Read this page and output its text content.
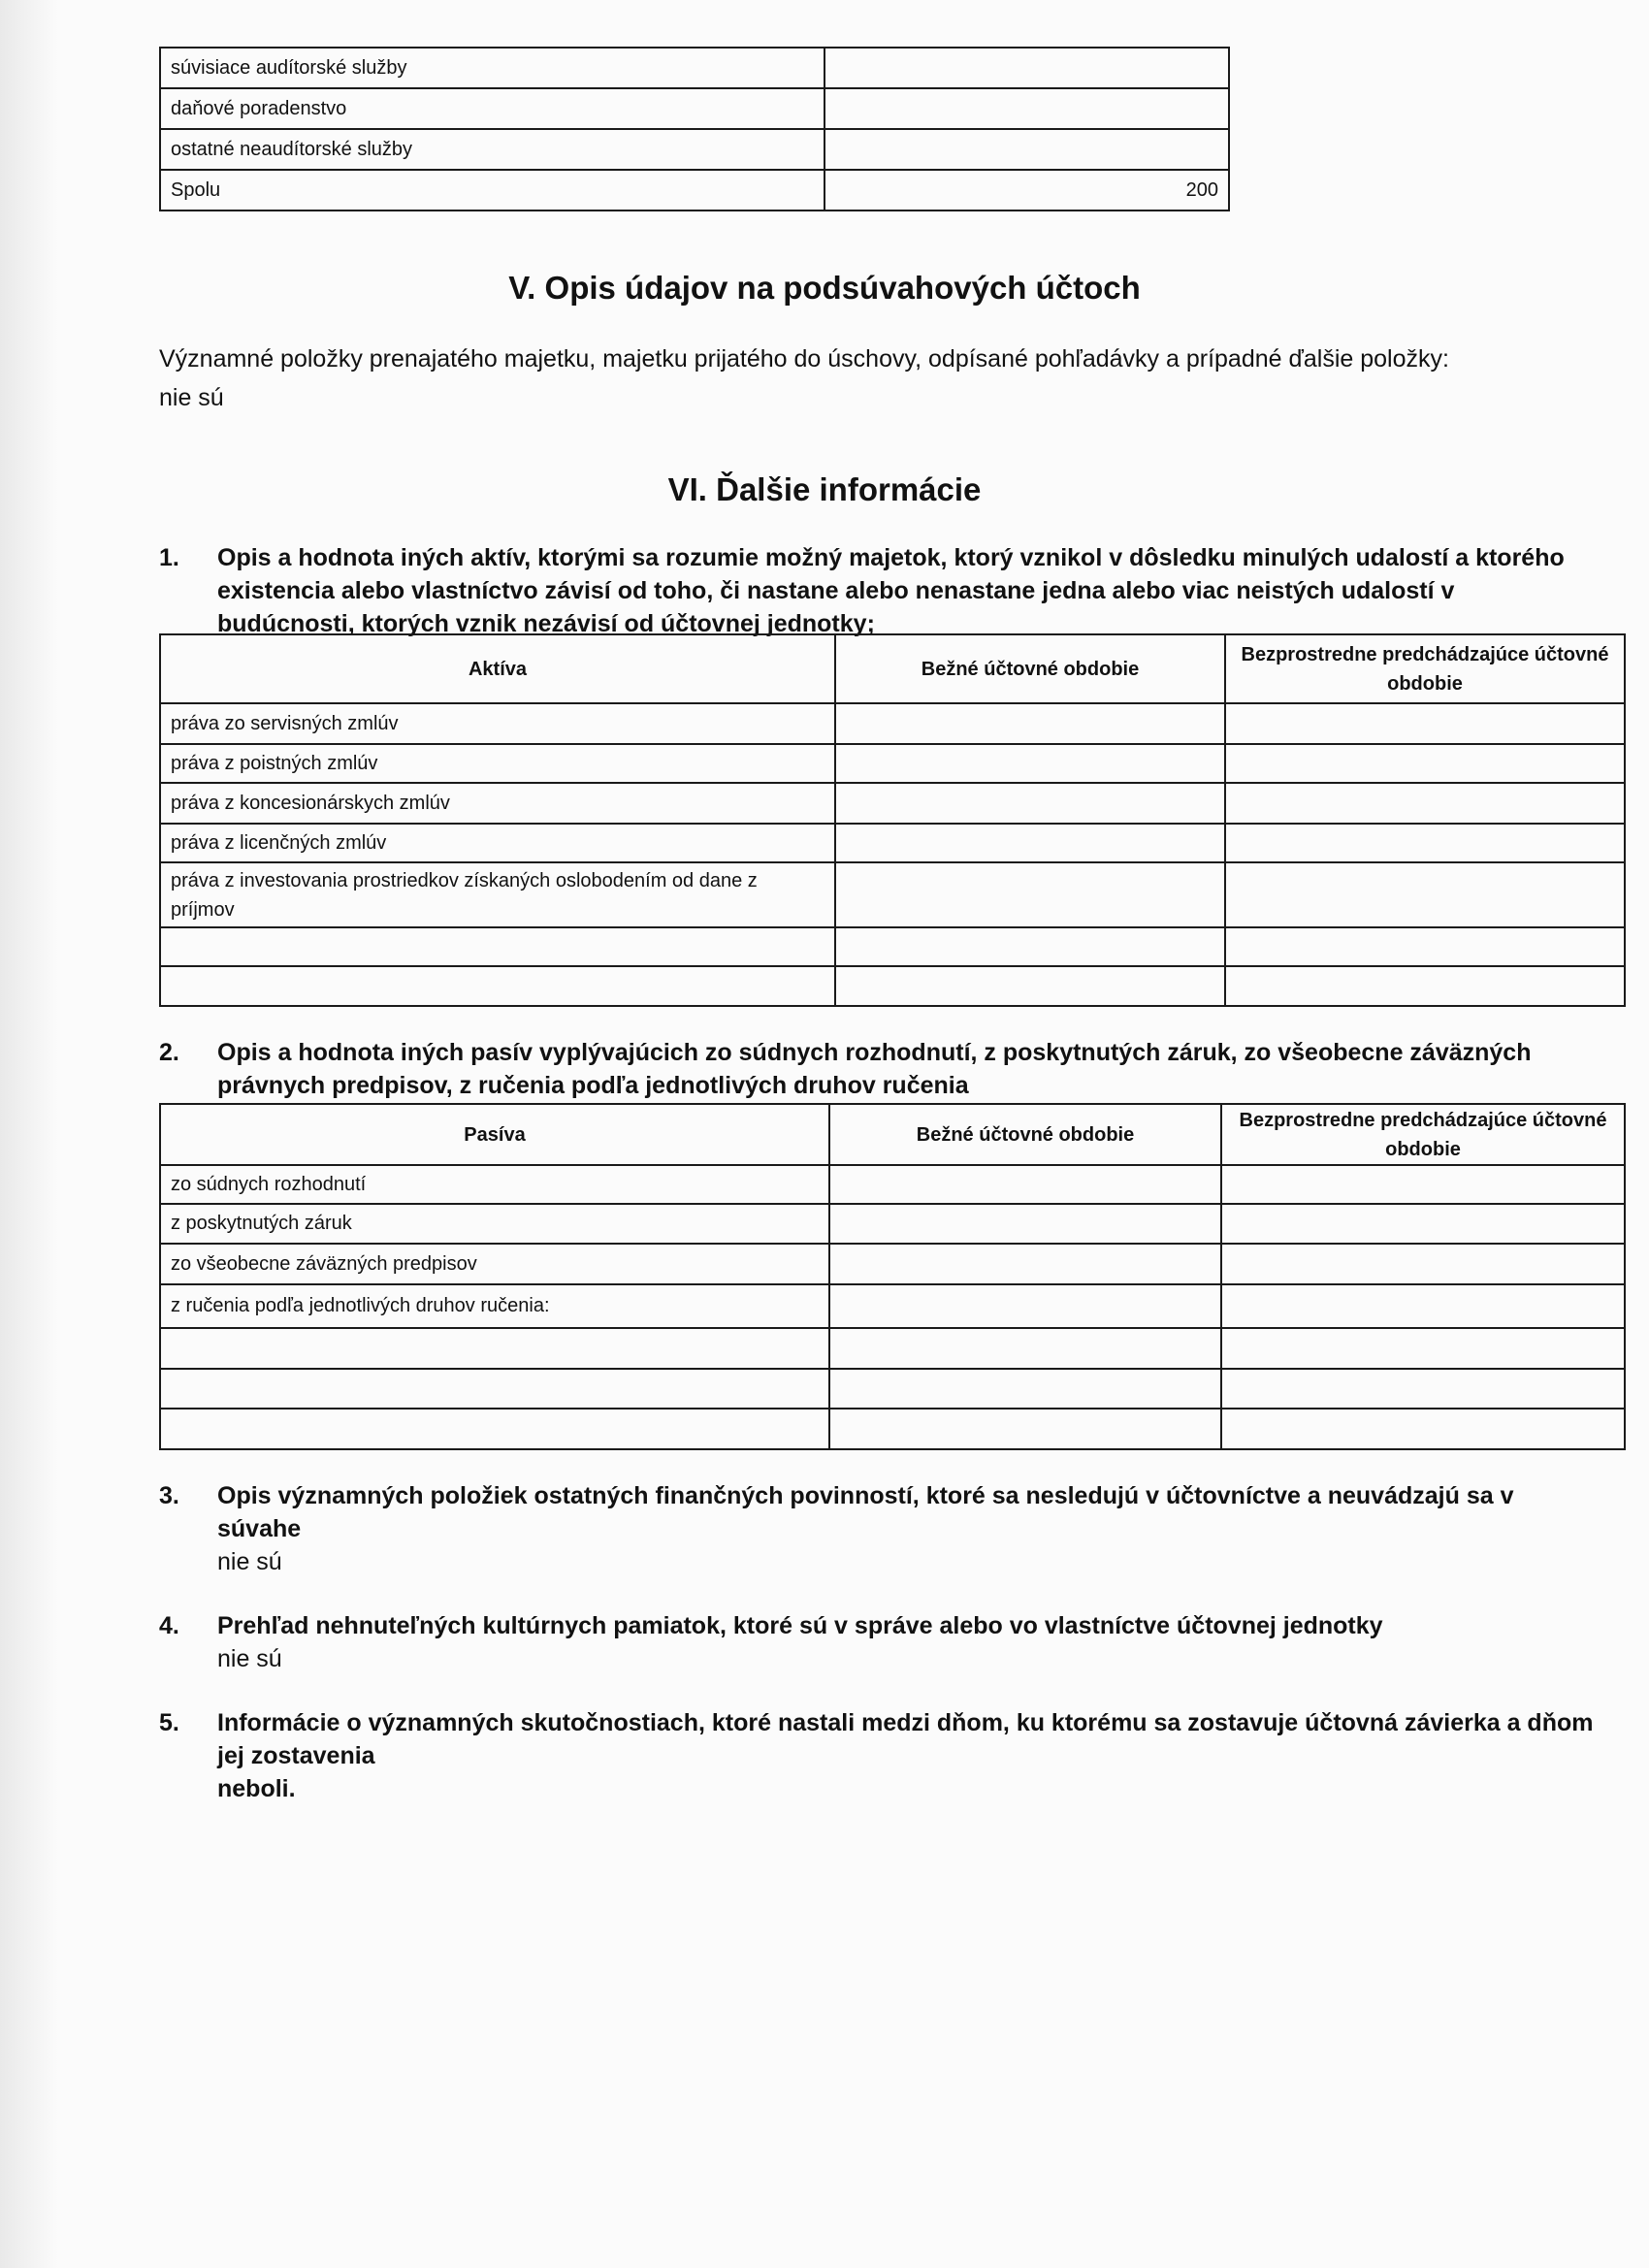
súvisiace audítorské služby	
daňové poradenstvo	
ostatné neaudítorské služby	
Spolu	200
V. Opis údajov na podsúvahových účtoch
Významné položky prenajatého majetku, majetku prijatého do úschovy, odpísané pohľadávky a prípadné ďalšie položky:
nie sú
VI. Ďalšie informácie
1. Opis a hodnota iných aktív, ktorými sa rozumie možný majetok, ktorý vznikol v dôsledku minulých udalostí a ktorého existencia alebo vlastníctvo závisí od toho, či nastane alebo nenastane jedna alebo viac neistých udalostí v budúcnosti, ktorých vznik nezávisí od účtovnej jednotky;
Aktíva	Bežné účtovné obdobie	Bezprostredne predchádzajúce účtovné obdobie
práva zo servisných zmlúv		
práva z poistných zmlúv		
práva z koncesionárskych zmlúv		
práva z licenčných zmlúv		
práva z investovania prostriedkov získaných oslobodením od dane z príjmov		

2. Opis a hodnota iných pasív vyplývajúcich zo súdnych rozhodnutí, z poskytnutých záruk, zo všeobecne záväzných právnych predpisov, z ručenia podľa jednotlivých druhov ručenia
Pasíva	Bežné účtovné obdobie	Bezprostredne predchádzajúce účtovné obdobie
zo súdnych rozhodnutí		
z poskytnutých záruk		
zo všeobecne záväzných predpisov		
z ručenia podľa jednotlivých druhov ručenia:		

3. Opis významných položiek ostatných finančných povinností, ktoré sa nesledujú v účtovníctve a neuvádzajú sa v súvahe
nie sú
4. Prehľad nehnuteľných kultúrnych pamiatok, ktoré sú v správe alebo vo vlastníctve účtovnej jednotky
nie sú
5. Informácie o významných skutočnostiach, ktoré nastali medzi dňom, ku ktorému sa zostavuje účtovná závierka a dňom jej zostavenia
neboli.
